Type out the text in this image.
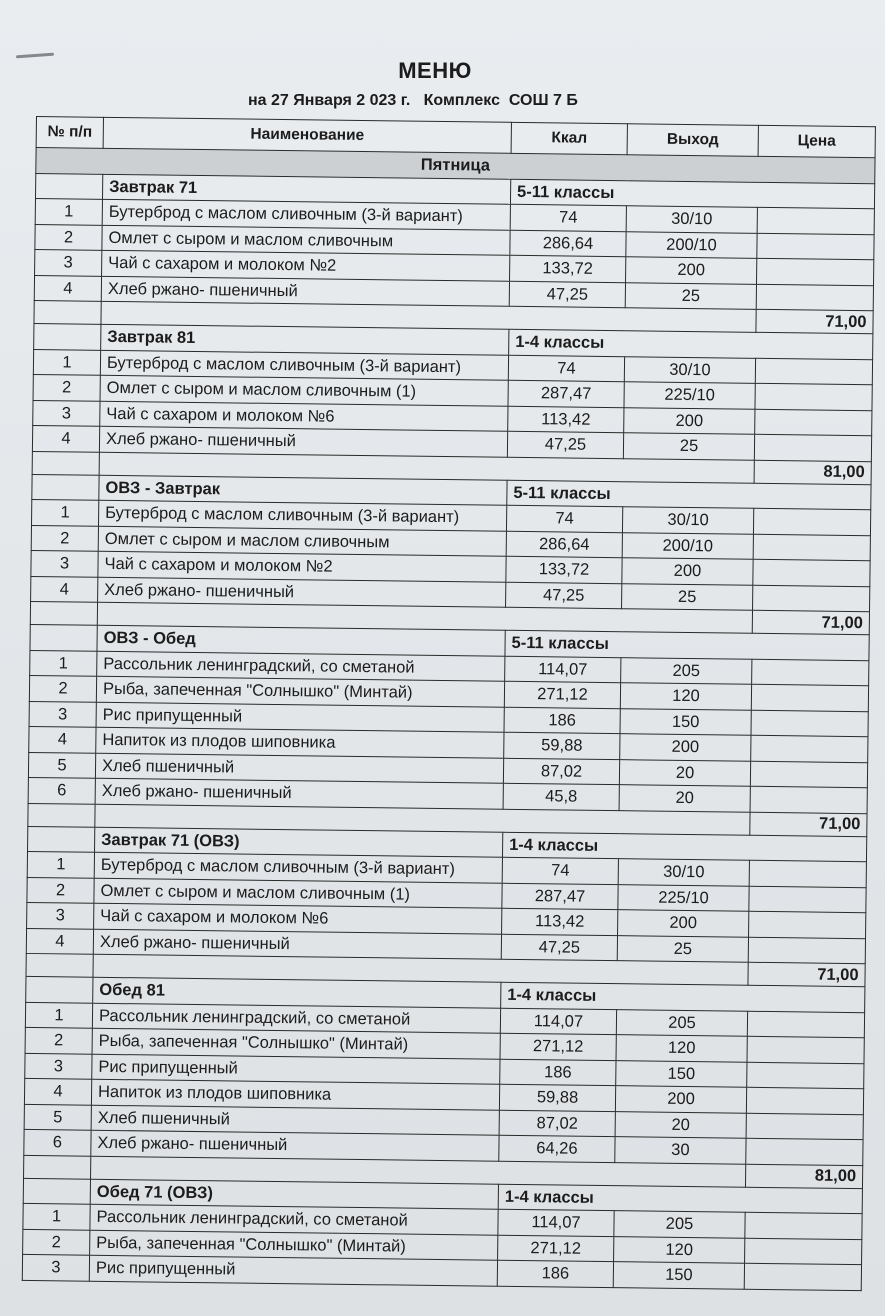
МЕНЮ
на 27 Января 2 023 г.   Комплекс  СОШ 7 Б
№ п/п	Наименование	Ккал	Выход	Цена
Пятница				
	Завтрак 71	5-11 классы		
1	Бутерброд с маслом сливочным (3-й вариант)	74	30/10	
2	Омлет с сыром и маслом сливочным	286,64	200/10	
3	Чай с сахаром и молоком №2	133,72	200	
4	Хлеб ржано- пшеничный	47,25	25	
				71,00
	Завтрак 81	1-4 классы		
1	Бутерброд с маслом сливочным (3-й вариант)	74	30/10	
2	Омлет с сыром и маслом сливочным (1)	287,47	225/10	
3	Чай с сахаром и молоком №6	113,42	200	
4	Хлеб ржано- пшеничный	47,25	25	
				81,00
	ОВЗ - Завтрак	5-11 классы		
1	Бутерброд с маслом сливочным (3-й вариант)	74	30/10	
2	Омлет с сыром и маслом сливочным	286,64	200/10	
3	Чай с сахаром и молоком №2	133,72	200	
4	Хлеб ржано- пшеничный	47,25	25	
				71,00
	ОВЗ - Обед	5-11 классы		
1	Рассольник ленинградский, со сметаной	114,07	205	
2	Рыба, запеченная "Солнышко" (Минтай)	271,12	120	
3	Рис припущенный	186	150	
4	Напиток из плодов шиповника	59,88	200	
5	Хлеб пшеничный	87,02	20	
6	Хлеб ржано- пшеничный	45,8	20	
				71,00
	Завтрак 71 (ОВЗ)	1-4 классы		
1	Бутерброд с маслом сливочным (3-й вариант)	74	30/10	
2	Омлет с сыром и маслом сливочным (1)	287,47	225/10	
3	Чай с сахаром и молоком №6	113,42	200	
4	Хлеб ржано- пшеничный	47,25	25	
				71,00
	Обед 81	1-4 классы		
1	Рассольник ленинградский, со сметаной	114,07	205	
2	Рыба, запеченная "Солнышко" (Минтай)	271,12	120	
3	Рис припущенный	186	150	
4	Напиток из плодов шиповника	59,88	200	
5	Хлеб пшеничный	87,02	20	
6	Хлеб ржано- пшеничный	64,26	30	
				81,00
	Обед 71 (ОВЗ)	1-4 классы		
1	Рассольник ленинградский, со сметаной	114,07	205	
2	Рыба, запеченная "Солнышко" (Минтай)	271,12	120	
3	Рис припущенный	186	150	
